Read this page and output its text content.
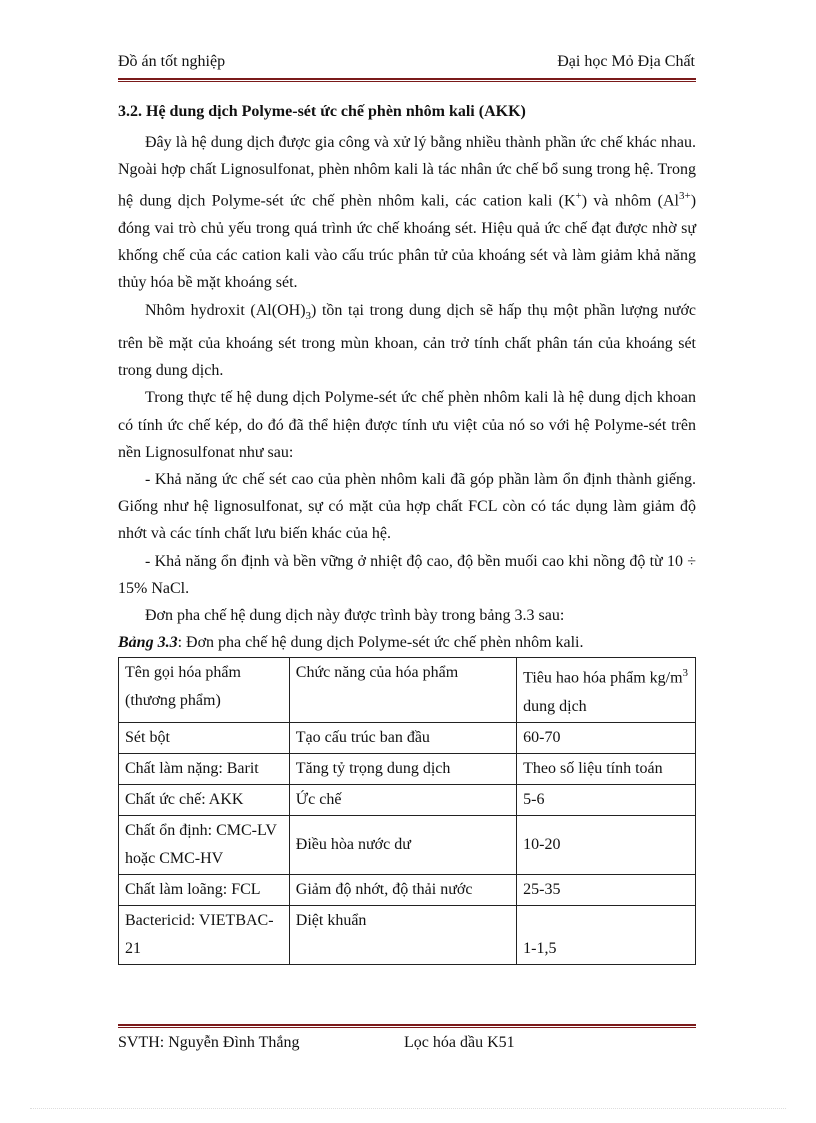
Đồ án tốt nghiệp	Đại học Mỏ Địa Chất
3.2. Hệ dung dịch Polyme-sét ức chế phèn nhôm kali (AKK)

Đây là hệ dung dịch được gia công và xử lý bằng nhiều thành phần ức chế khác nhau. Ngoài hợp chất Lignosulfonat, phèn nhôm kali là tác nhân ức chế bổ sung trong hệ. Trong hệ dung dịch Polyme-sét ức chế phèn nhôm kali, các cation kali (K+) và nhôm $(Al^{3+})$ đóng vai trò chủ yếu trong quá trình ức chế khoáng sét. Hiệu quả ức chế đạt được nhờ sự khống chế của các cation kali vào cấu trúc phân tử của khoáng sét và làm giảm khả năng thủy hóa bề mặt khoáng sét.

Nhôm hydroxit $(Al(OH)_3)$ tồn tại trong dung dịch sẽ hấp thụ một phần lượng nước trên bề mặt của khoáng sét trong mùn khoan, cản trở tính chất phân tán của khoáng sét trong dung dịch.

Trong thực tế hệ dung dịch Polyme-sét ức chế phèn nhôm kali là hệ dung dịch khoan có tính ức chế kép, do đó đã thể hiện được tính ưu việt của nó so với hệ Polyme-sét trên nền Lignosulfonat như sau:

- Khả năng ức chế sét cao của phèn nhôm kali đã góp phần làm ổn định thành giếng. Giống như hệ lignosulfonat, sự có mặt của hợp chất FCL còn có tác dụng làm giảm độ nhớt và các tính chất lưu biến khác của hệ.

- Khả năng ổn định và bền vững ở nhiệt độ cao, độ bền muối cao khi nồng độ từ 10 ÷ 15% NaCl.

Đơn pha chế hệ dung dịch này được trình bày trong bảng 3.3 sau:

Bảng 3.3: Đơn pha chế hệ dung dịch Polyme-sét ức chế phèn nhôm kali.

Tên gọi hóa phẩm (thương phẩm)	Chức năng của hóa phẩm	Tiêu hao hóa phẩm $kg/m^3$ dung dịch
Sét bột	Tạo cấu trúc ban đầu	60-70
Chất làm nặng: Barit	Tăng tỷ trọng dung dịch	Theo số liệu tính toán
Chất ức chế: AKK	Ức chế	5-6
Chất ổn định: CMC-LV hoặc CMC-HV	Điều hòa nước dư	10-20
Chất làm loãng: FCL	Giảm độ nhớt, độ thải nước	25-35
Bactericid: VIETBAC-21	Diệt khuẩn	1-1,5
SVTH: Nguyễn Đình Thắng	Lọc hóa dầu K51
